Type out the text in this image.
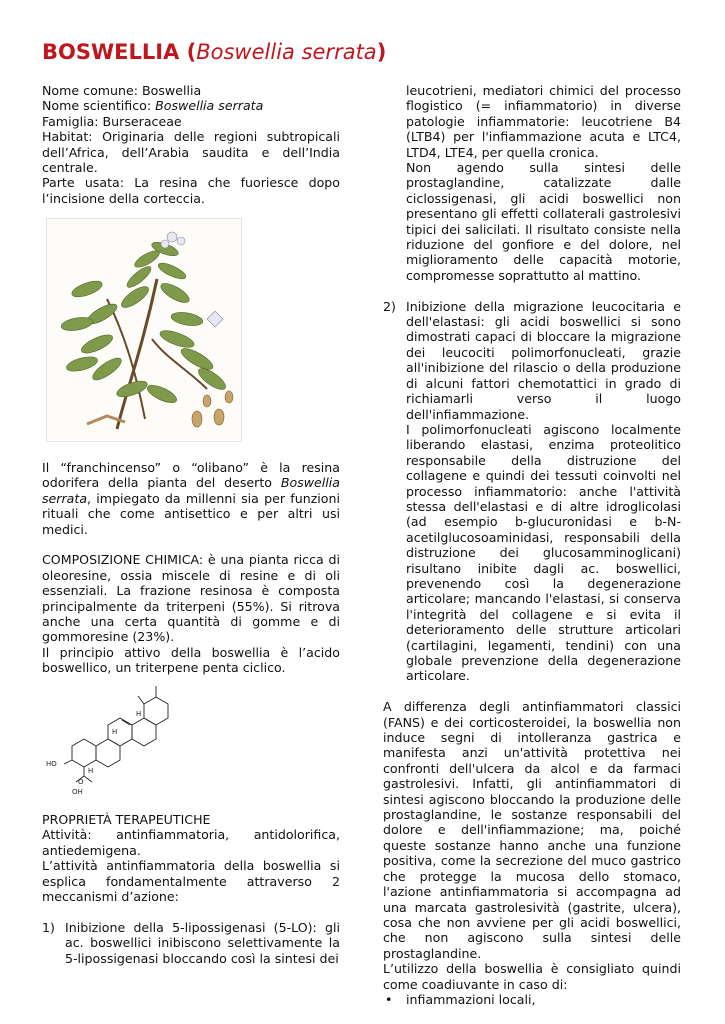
BOSWELLIA (Boswellia serrata)

Nome comune: Boswellia

Nome scientifico: Boswellia serrata

Famiglia: Burseraceae

Habitat: Originaria delle regioni subtropicali dell’Africa, dell’Arabia saudita e dell’India centrale.

Parte usata: La resina che fuoriesce dopo l’incisione della corteccia.

Il “franchincenso” o “olibano” è la resina odorifera della pianta del deserto Boswellia serrata, impiegato da millenni sia per funzioni rituali che come antisettico e per altri usi medici.

COMPOSIZIONE CHIMICA: è una pianta ricca di oleoresine, ossia miscele di resine e di oli essenziali. La frazione resinosa è composta principalmente da triterpeni (55%). Si ritrova anche una certa quantità di gomme e di gommoresine (23%).

Il principio attivo della boswellia è l’acido boswellico, un triterpene penta ciclico.

HO
OH
O
H
H
H

PROPRIETÀ TERAPEUTICHE

Attività: antinfiammatoria, antidolorifica, antiedemigena.

L’attività antinfiammatoria della boswellia si esplica fondamentalmente attraverso 2 meccanismi d’azione:

1) Inibizione della 5-lipossigenasi (5-LO): gli ac. boswellici inibiscono selettivamente la 5-lipossigenasi bloccando così la sintesi dei

leucotrieni, mediatori chimici del processo flogistico (= infiammatorio) in diverse patologie infiammatorie: leucotriene B4 (LTB4) per l'infiammazione acuta e LTC4, LTD4, LTE4, per quella cronica.

Non agendo sulla sintesi delle prostaglandine, catalizzate dalle ciclossigenasi, gli acidi boswellici non presentano gli effetti collaterali gastrolesivi tipici dei salicilati. Il risultato consiste nella riduzione del gonfiore e del dolore, nel miglioramento delle capacità motorie, compromesse soprattutto al mattino.

2) Inibizione della migrazione leucocitaria e dell'elastasi: gli acidi boswellici si sono dimostrati capaci di bloccare la migrazione dei leucociti polimorfonucleati, grazie all'inibizione del rilascio o della produzione di alcuni fattori chemotattici in grado di richiamarli verso il luogo dell'infiammazione.

I polimorfonucleati agiscono localmente liberando elastasi, enzima proteolitico responsabile della distruzione del collagene e quindi dei tessuti coinvolti nel processo infiammatorio: anche l'attività stessa dell'elastasi e di altre idroglicolasi (ad esempio b-glucuronidasi e b-N-acetilglucosoaminidasi, responsabili della distruzione dei glucosamminoglicani) risultano inibite dagli ac. boswellici, prevenendo così la degenerazione articolare; mancando l'elastasi, si conserva l'integrità del collagene e si evita il deterioramento delle strutture articolari (cartilagini, legamenti, tendini) con una globale prevenzione della degenerazione articolare.

A differenza degli antinfiammatori classici (FANS) e dei corticosteroidei, la boswellia non induce segni di intolleranza gastrica e manifesta anzi un'attività protettiva nei confronti dell'ulcera da alcol e da farmaci gastrolesivi. Infatti, gli antinfiammatori di sintesi agiscono bloccando la produzione delle prostaglandine, le sostanze responsabili del dolore e dell'infiammazione; ma, poiché queste sostanze hanno anche una funzione positiva, come la secrezione del muco gastrico che protegge la mucosa dello stomaco, l'azione antinfiammatoria si accompagna ad una marcata gastrolesività (gastrite, ulcera), cosa che non avviene per gli acidi boswellici, che non agiscono sulla sintesi delle prostaglandine.

L’utilizzo della boswellia è consigliato quindi come coadiuvante in caso di:

• infiammazioni locali,
